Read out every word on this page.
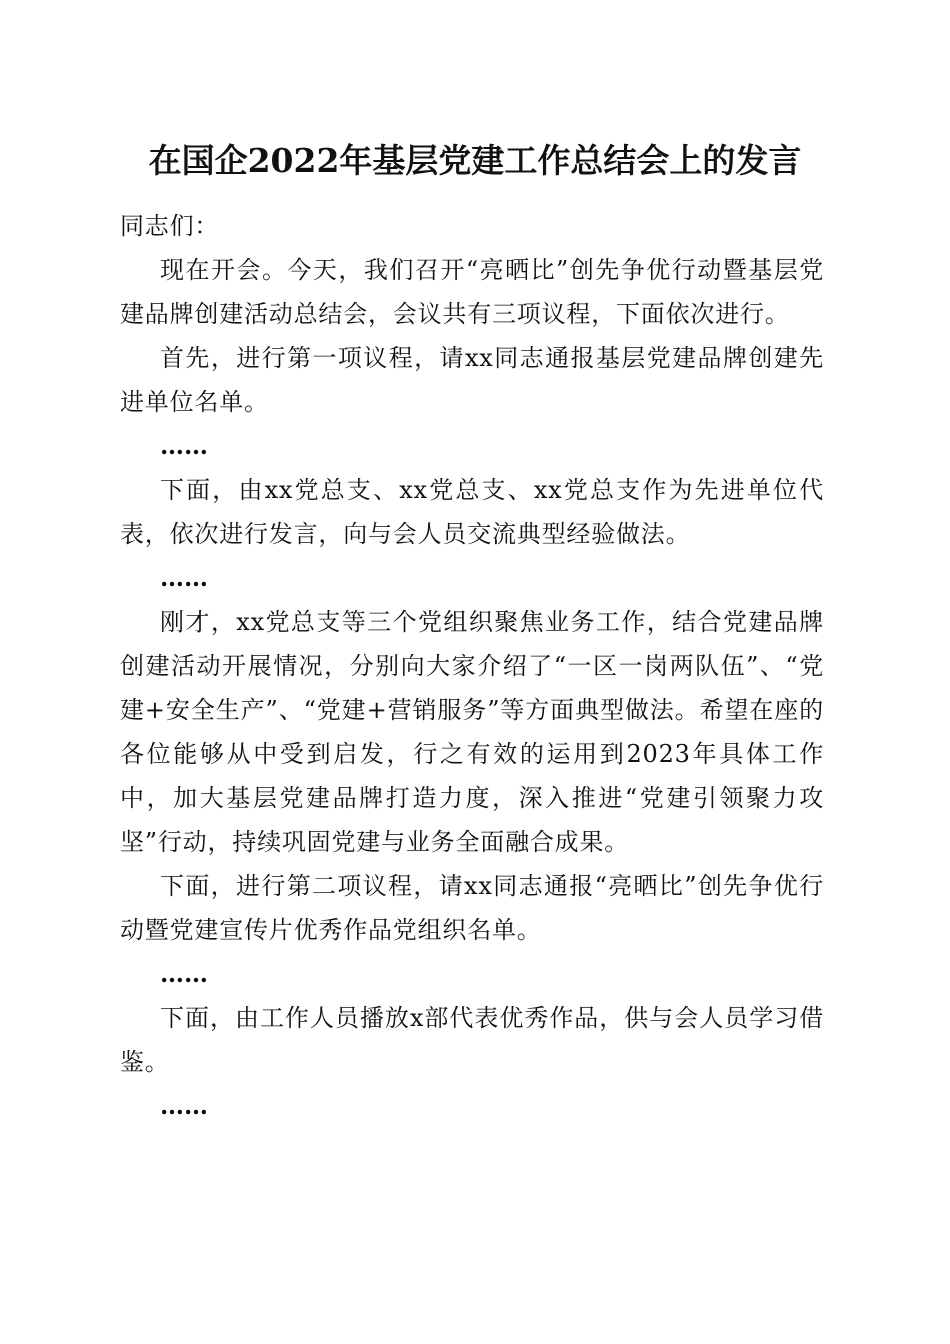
在国企2022年基层党建工作总结会上的发言

同志们：

现在开会。今天，我们召开“亮晒比”创先争优行动暨基层党建品牌创建活动总结会，会议共有三项议程，下面依次进行。

首先，进行第一项议程，请xx同志通报基层党建品牌创建先进单位名单。

……

下面，由xx党总支、xx党总支、xx党总支作为先进单位代表，依次进行发言，向与会人员交流典型经验做法。

……

刚才，xx党总支等三个党组织聚焦业务工作，结合党建品牌创建活动开展情况，分别向大家介绍了“一区一岗两队伍”、“党建+安全生产”、“党建+营销服务”等方面典型做法。希望在座的各位能够从中受到启发，行之有效的运用到2023年具体工作中，加大基层党建品牌打造力度，深入推进“党建引领聚力攻坚”行动，持续巩固党建与业务全面融合成果。

下面，进行第二项议程，请xx同志通报“亮晒比”创先争优行动暨党建宣传片优秀作品党组织名单。

……

下面，由工作人员播放x部代表优秀作品，供与会人员学习借鉴。

……
